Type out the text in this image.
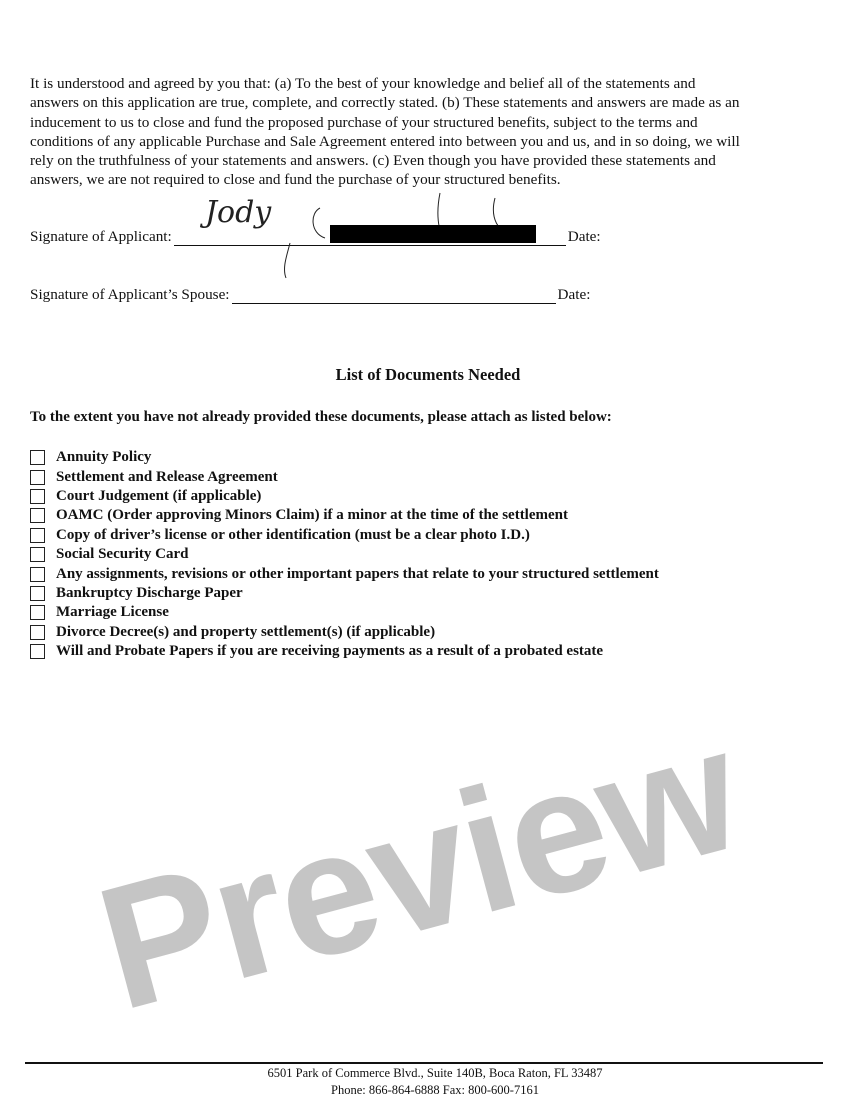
It is understood and agreed by you that: (a) To the best of your knowledge and belief all of the statements and
answers on this application are true, complete, and correctly stated. (b) These statements and answers are made as an
inducement to us to close and fund the proposed purchase of your structured benefits, subject to the terms and
conditions of any applicable Purchase and Sale Agreement entered into between you and us, and in so doing, we will
rely on the truthfulness of your statements and answers. (c) Even though you have provided these statements and
answers, we are not required to close and fund the purchase of your structured benefits.
Signature of Applicant:	Date:
Jody
Signature of Applicant’s Spouse:	Date:
List of Documents Needed
To the extent you have not already provided these documents, please attach as listed below:
Annuity Policy
Settlement and Release Agreement
Court Judgement (if applicable)
OAMC (Order approving Minors Claim) if a minor at the time of the settlement
Copy of driver’s license or other identification (must be a clear photo I.D.)
Social Security Card
Any assignments, revisions or other important papers that relate to your structured settlement
Bankruptcy Discharge Paper
Marriage License
Divorce Decree(s) and property settlement(s) (if applicable)
Will and Probate Papers if you are receiving payments as a result of a probated estate
Preview
6501 Park of Commerce Blvd., Suite 140B, Boca Raton, FL 33487
Phone: 866-864-6888 Fax: 800-600-7161
